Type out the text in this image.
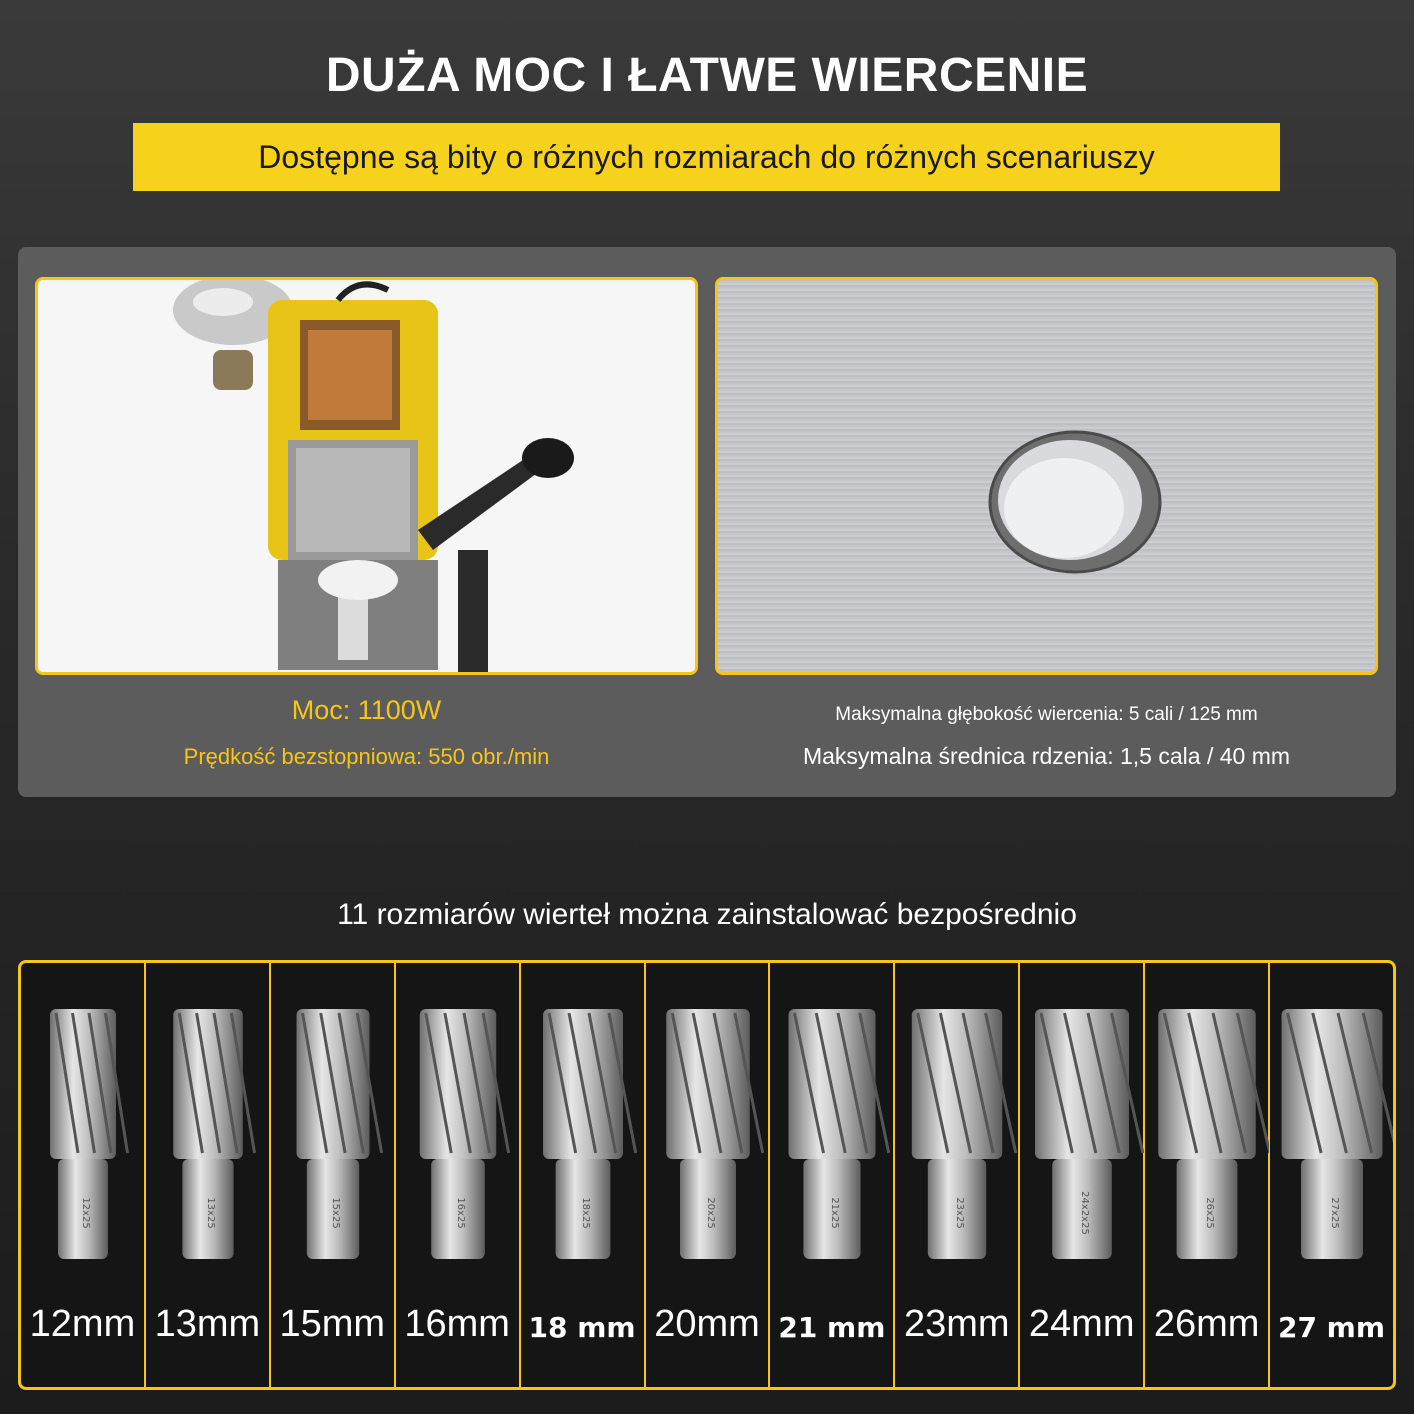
DUŻA MOC I ŁATWE WIERCENIE
Dostępne są bity o różnych rozmiarach do różnych scenariuszy
Moc: 1100W
Prędkość bezstopniowa: 550 obr./min
Maksymalna głębokość wiercenia: 5 cali / 125 mm
Maksymalna średnica rdzenia: 1,5 cala / 40 mm
11 rozmiarów wierteł można zainstalować bezpośrednio
12x25
12mm
13x25
13mm
15x25
15mm
16x25
16mm
18x25
18 mm
20x25
20mm
21x25
21 mm
23x25
23mm
24x2x25
24mm
26x25
26mm
27x25
27 mm
